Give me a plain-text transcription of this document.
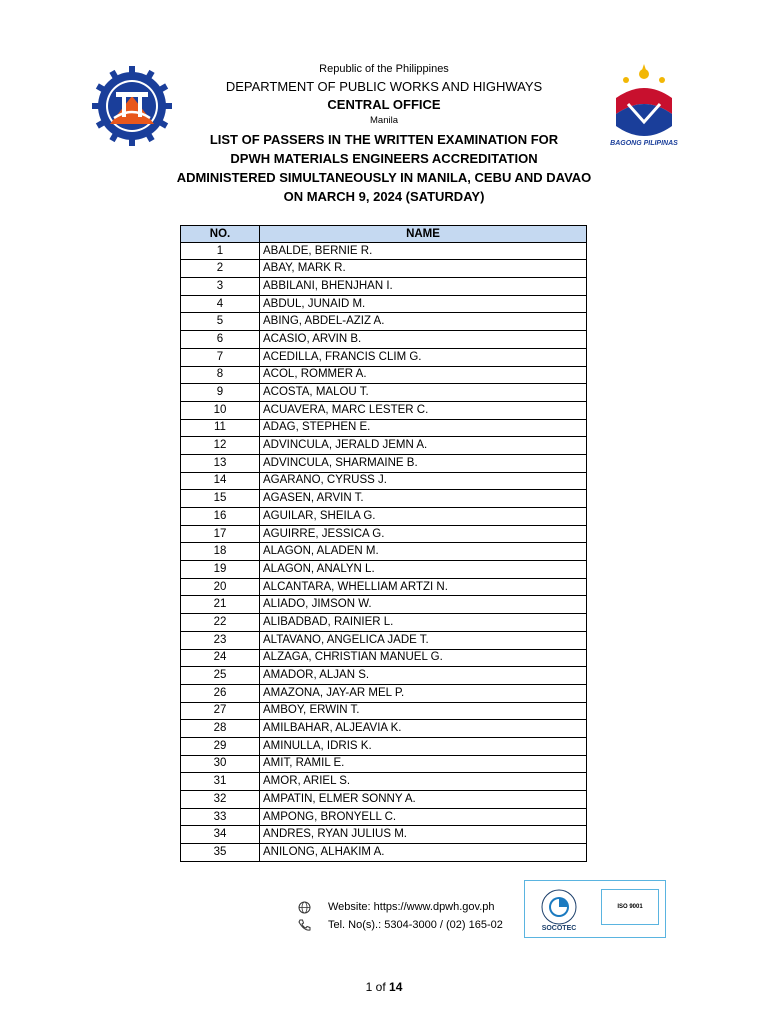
BAGONG PILIPINAS
Republic of the Philippines
DEPARTMENT OF PUBLIC WORKS AND HIGHWAYS
CENTRAL OFFICE
Manila
LIST OF PASSERS IN THE WRITTEN EXAMINATION FOR
DPWH MATERIALS ENGINEERS ACCREDITATION
ADMINISTERED SIMULTANEOUSLY IN MANILA, CEBU AND DAVAO
ON MARCH 9, 2024 (SATURDAY)
NO.	NAME
1	ABALDE, BERNIE R.
2	ABAY, MARK R.
3	ABBILANI, BHENJHAN I.
4	ABDUL, JUNAID M.
5	ABING, ABDEL-AZIZ A.
6	ACASIO, ARVIN B.
7	ACEDILLA, FRANCIS CLIM G.
8	ACOL, ROMMER A.
9	ACOSTA, MALOU T.
10	ACUAVERA, MARC LESTER C.
11	ADAG, STEPHEN E.
12	ADVINCULA, JERALD JEMN A.
13	ADVINCULA, SHARMAINE B.
14	AGARANO, CYRUSS J.
15	AGASEN, ARVIN T.
16	AGUILAR, SHEILA G.
17	AGUIRRE, JESSICA G.
18	ALAGON, ALADEN M.
19	ALAGON, ANALYN L.
20	ALCANTARA, WHELLIAM ARTZI N.
21	ALIADO, JIMSON W.
22	ALIBADBAD, RAINIER L.
23	ALTAVANO, ANGELICA JADE T.
24	ALZAGA, CHRISTIAN MANUEL G.
25	AMADOR, ALJAN S.
26	AMAZONA, JAY-AR MEL P.
27	AMBOY, ERWIN T.
28	AMILBAHAR, ALJEAVIA K.
29	AMINULLA, IDRIS K.
30	AMIT, RAMIL E.
31	AMOR, ARIEL S.
32	AMPATIN, ELMER SONNY A.
33	AMPONG, BRONYELL C.
34	ANDRES, RYAN JULIUS M.
35	ANILONG, ALHAKIM A.
Website: https://www.dpwh.gov.ph
Tel. No(s).: 5304-3000 / (02) 165-02	SOCOTEC
ISO 9001
1 of 14
